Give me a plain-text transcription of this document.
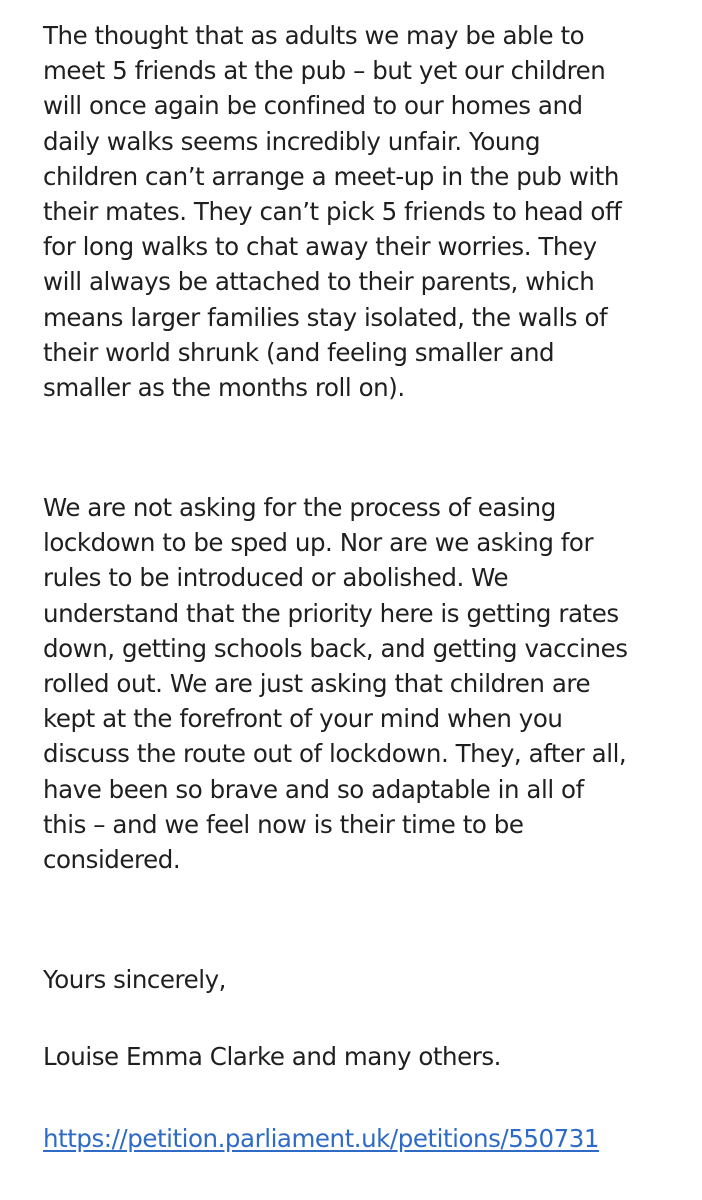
The thought that as adults we may be able to
meet 5 friends at the pub – but yet our children
will once again be confined to our homes and
daily walks seems incredibly unfair. Young
children can’t arrange a meet-up in the pub with
their mates. They can’t pick 5 friends to head off
for long walks to chat away their worries. They
will always be attached to their parents, which
means larger families stay isolated, the walls of
their world shrunk (and feeling smaller and
smaller as the months roll on).

We are not asking for the process of easing
lockdown to be sped up. Nor are we asking for
rules to be introduced or abolished. We
understand that the priority here is getting rates
down, getting schools back, and getting vaccines
rolled out. We are just asking that children are
kept at the forefront of your mind when you
discuss the route out of lockdown. They, after all,
have been so brave and so adaptable in all of
this – and we feel now is their time to be
considered.

Yours sincerely,

Louise Emma Clarke and many others.

https://petition.parliament.uk/petitions/550731
